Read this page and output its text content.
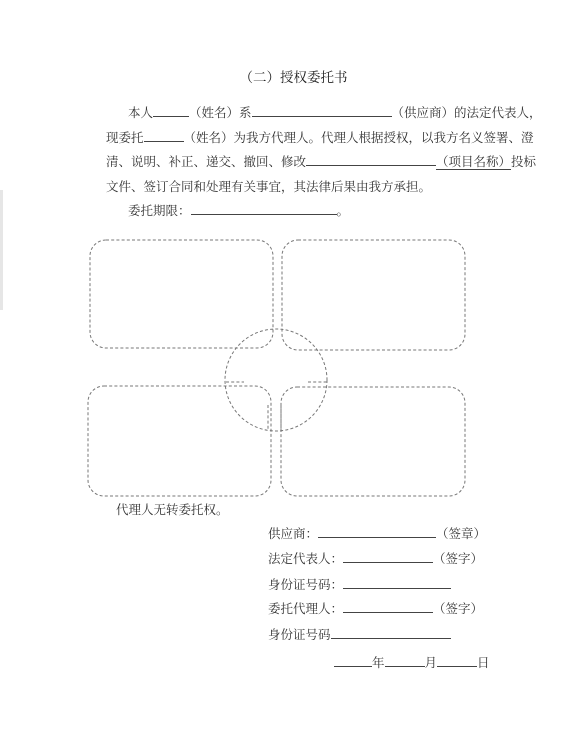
（二）授权委托书
本人	（姓名）系	（供应商）的法定代表人，
现委托	（姓名）为我方代理人。代理人根据授权，以我方名义签署、澄
清、说明、补正、递交、撤回、修改	（项目名称）投标
文件、签订合同和处理有关事宜，其法律后果由我方承担。
委托期限：	。
代理人无转委托权。
供应商：	（签章）
法定代表人：	（签字）
身份证号码：
委托代理人：	（签字）
身份证号码
年	月	日
